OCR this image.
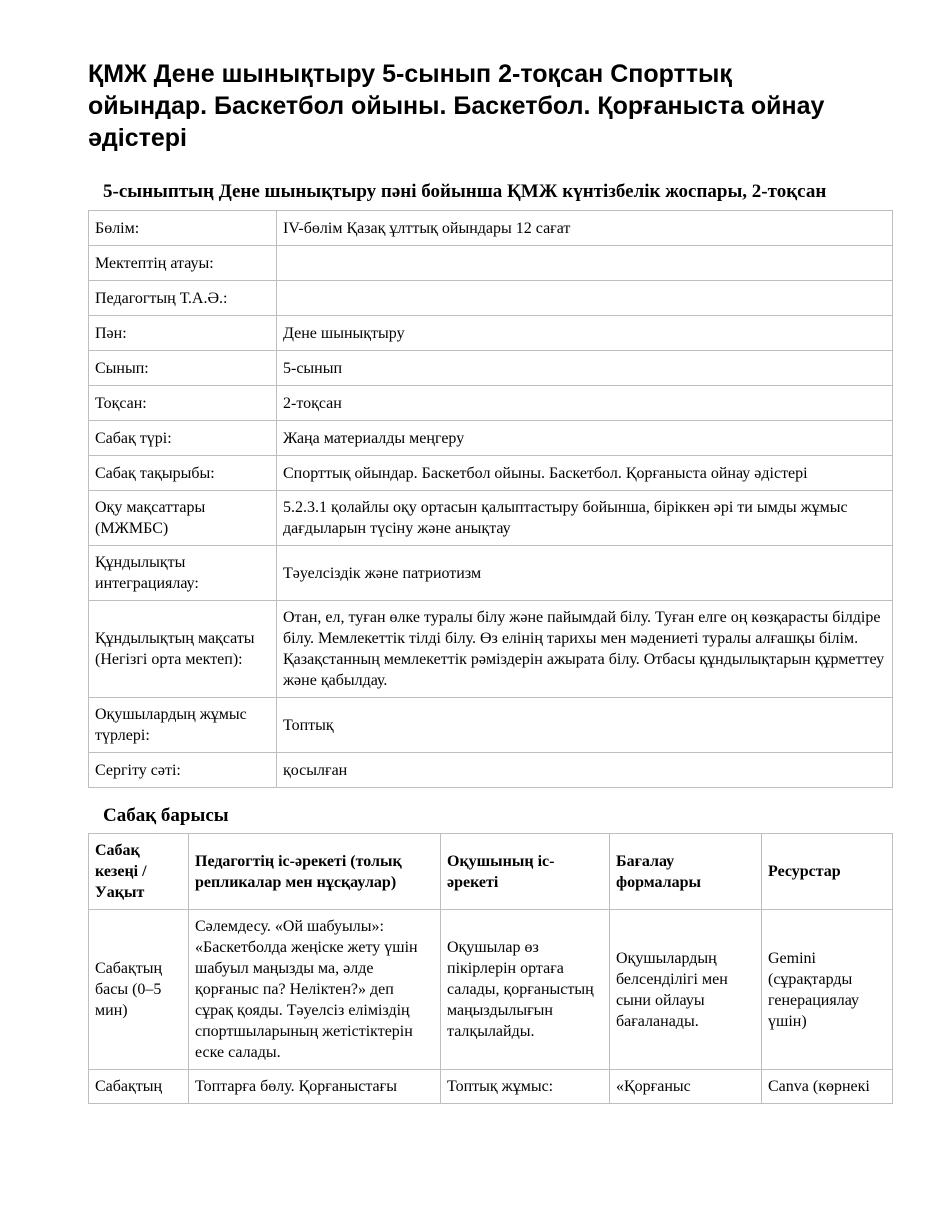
ҚМЖ Дене шынықтыру 5-сынып 2-тоқсан Спорттық ойындар. Баскетбол ойыны. Баскетбол. Қорғаныста ойнау әдістері
5-сыныптың Дене шынықтыру пәні бойынша ҚМЖ күнтізбелік жоспары, 2-тоқсан
Бөлім:	IV-бөлім Қазақ ұлттық ойындары 12 сағат
Мектептің атауы:	
Педагогтың Т.А.Ә.:	
Пән:	Дене шынықтыру
Сынып:	5-сынып
Тоқсан:	2-тоқсан
Сабақ түрі:	Жаңа материалды меңгеру
Сабақ тақырыбы:	Спорттық ойындар. Баскетбол ойыны. Баскетбол. Қорғаныста ойнау әдістері
Оқу мақсаттары (МЖМБС)	5.2.3.1 қолайлы оқу ортасын қалыптастыру бойынша, біріккен әрі ти ымды жұмыс дағдыларын түсіну және анықтау
Құндылықты интеграциялау:	Тәуелсіздік және патриотизм
Құндылықтың мақсаты (Негізгі орта мектеп):	Отан, ел, туған өлке туралы білу және пайымдай білу. Туған елге оң көзқарасты білдіре білу. Мемлекеттік тілді білу. Өз елінің тарихы мен мәдениеті туралы алғашқы білім. Қазақстанның мемлекеттік рәміздерін ажырата білу. Отбасы құндылықтарын құрметтеу және қабылдау.
Оқушылардың жұмыс түрлері:	Топтық
Сергіту сәті:	қосылған
Сабақ барысы
Сабақ кезеңі / Уақыт	Педагогтің іс-әрекеті (толық репликалар мен нұсқаулар)	Оқушының іс-әрекеті	Бағалау формалары	Ресурстар
Сабақтың басы (0–5 мин)	Сәлемдесу. «Ой шабуылы»: «Баскетболда жеңіске жету үшін шабуыл маңызды ма, әлде қорғаныс па? Неліктен?» деп сұрақ қояды. Тәуелсіз еліміздің спортшыларының жетістіктерін еске салады.	Оқушылар өз пікірлерін ортаға салады, қорғаныстың маңыздылығын талқылайды.	Оқушылардың белсенділігі мен сыни ойлауы бағаланады.	Gemini (сұрақтарды генерациялау үшін)
Сабақтың	Топтарға бөлу. Қорғаныстағы	Топтық жұмыс:	«Қорғаныс	Canva (көрнекі
